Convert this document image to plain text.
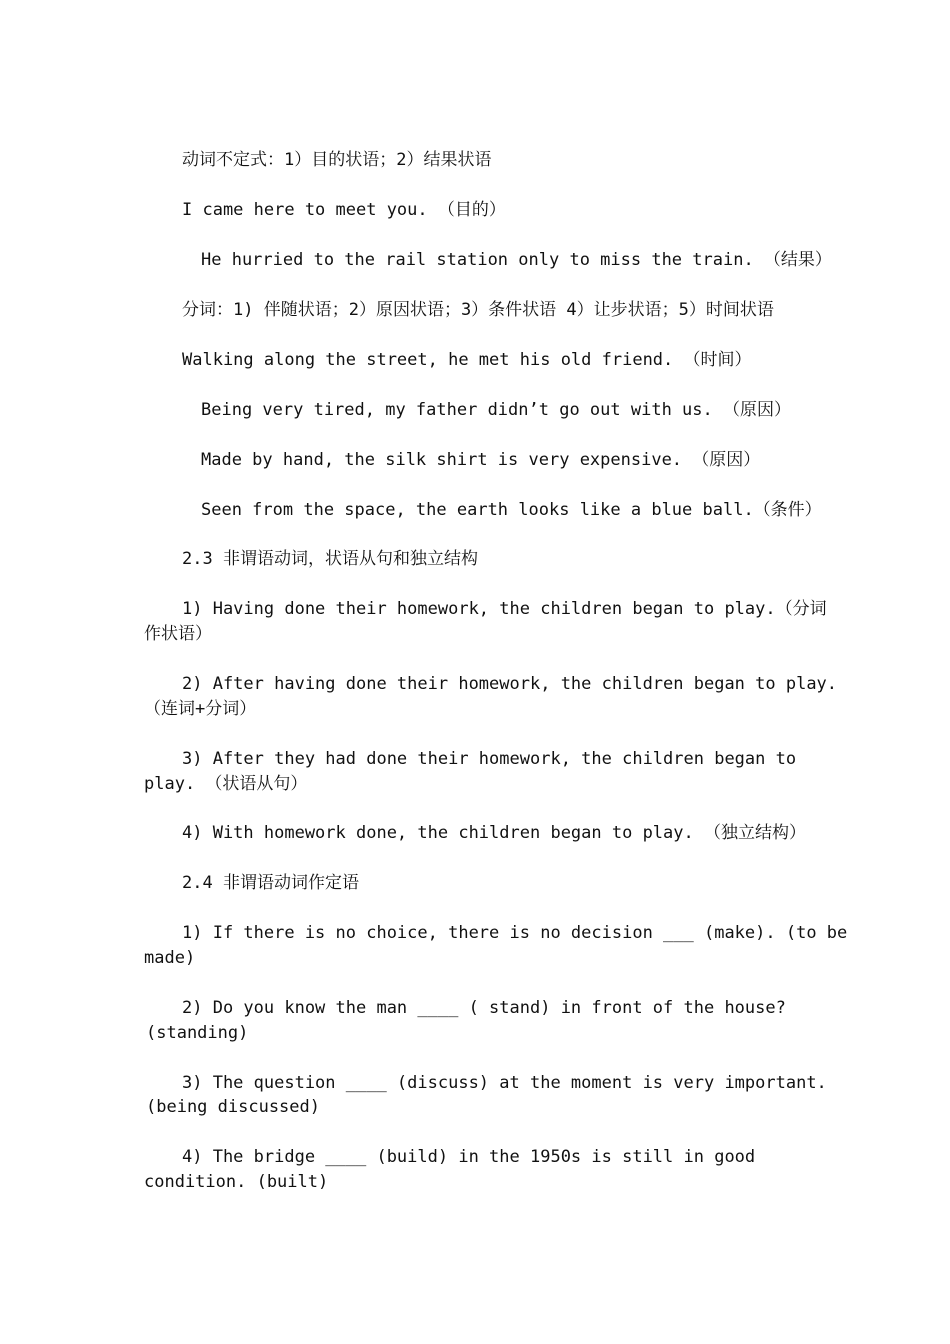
动词不定式：1）目的状语；2）结果状语
I came here to meet you. （目的）
He hurried to the rail station only to miss the train. （结果）
分词：1) 伴随状语；2）原因状语；3）条件状语 4）让步状语；5）时间状语
Walking along the street, he met his old friend. （时间）
Being very tired, my father didn’t go out with us. （原因）
Made by hand, the silk shirt is very expensive. （原因）
Seen from the space, the earth looks like a blue ball.（条件）
2.3 非谓语动词，状语从句和独立结构
1) Having done their homework, the children began to play.（分词
作状语）
2) After having done their homework, the children began to play.
（连词+分词）
3) After they had done their homework, the children began to
play. （状语从句）
4) With homework done, the children began to play. （独立结构）
2.4 非谓语动词作定语
1) If there is no choice, there is no decision ___ (make). (to be
made)
2) Do you know the man ____ ( stand) in front of the house?
(standing)
3) The question ____ (discuss) at the moment is very important.
(being discussed)
4) The bridge ____ (build) in the 1950s is still in good
condition. (built)
